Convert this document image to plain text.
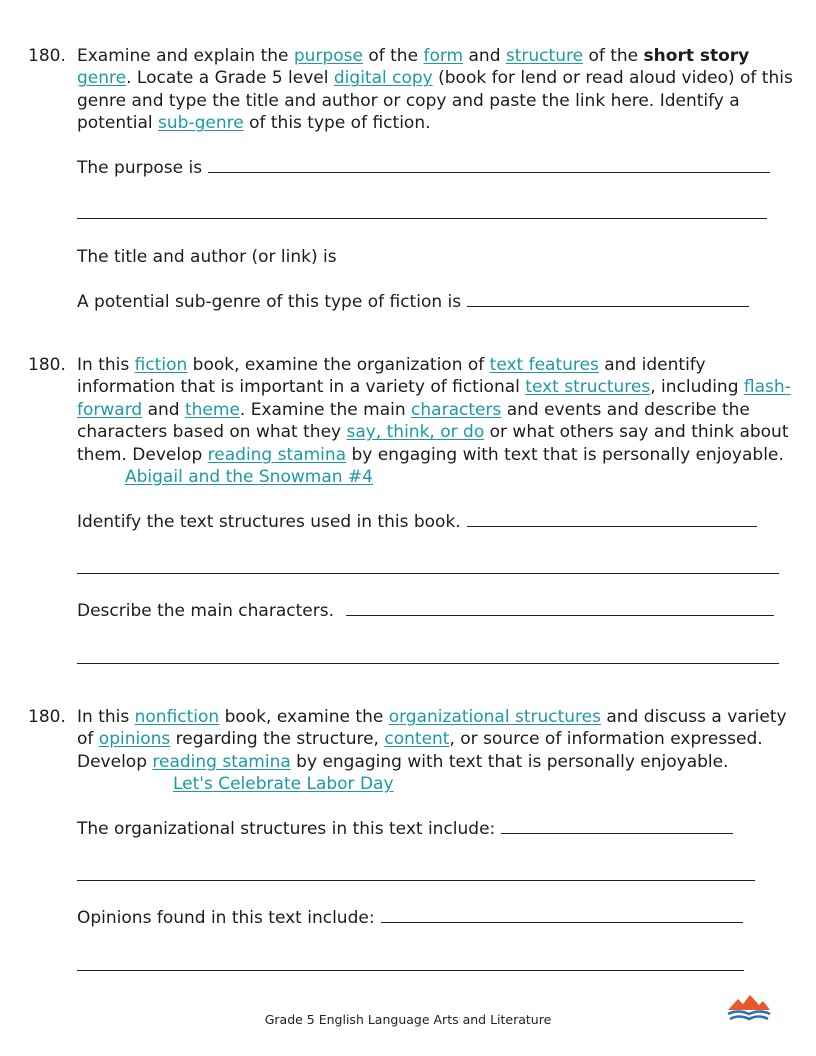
180. Examine and explain the purpose of the form and structure of the short story genre. Locate a Grade 5 level digital copy (book for lend or read aloud video) of this genre and type the title and author or copy and paste the link here. Identify a potential sub-genre of this type of fiction.
The purpose is
The title and author (or link) is
A potential sub-genre of this type of fiction is
180. In this fiction book, examine the organization of text features and identify information that is important in a variety of fictional text structures, including flash-forward and theme. Examine the main characters and events and describe the characters based on what they say, think, or do or what others say and think about them. Develop reading stamina by engaging with text that is personally enjoyable.Abigail and the Snowman #4
Identify the text structures used in this book.
Describe the main characters.
180. In this nonfiction book, examine the organizational structures and discuss a variety of opinions regarding the structure, content, or source of information expressed. Develop reading stamina by engaging with text that is personally enjoyable.Let's Celebrate Labor Day
The organizational structures in this text include:
Opinions found in this text include:
Grade 5 English Language Arts and Literature
